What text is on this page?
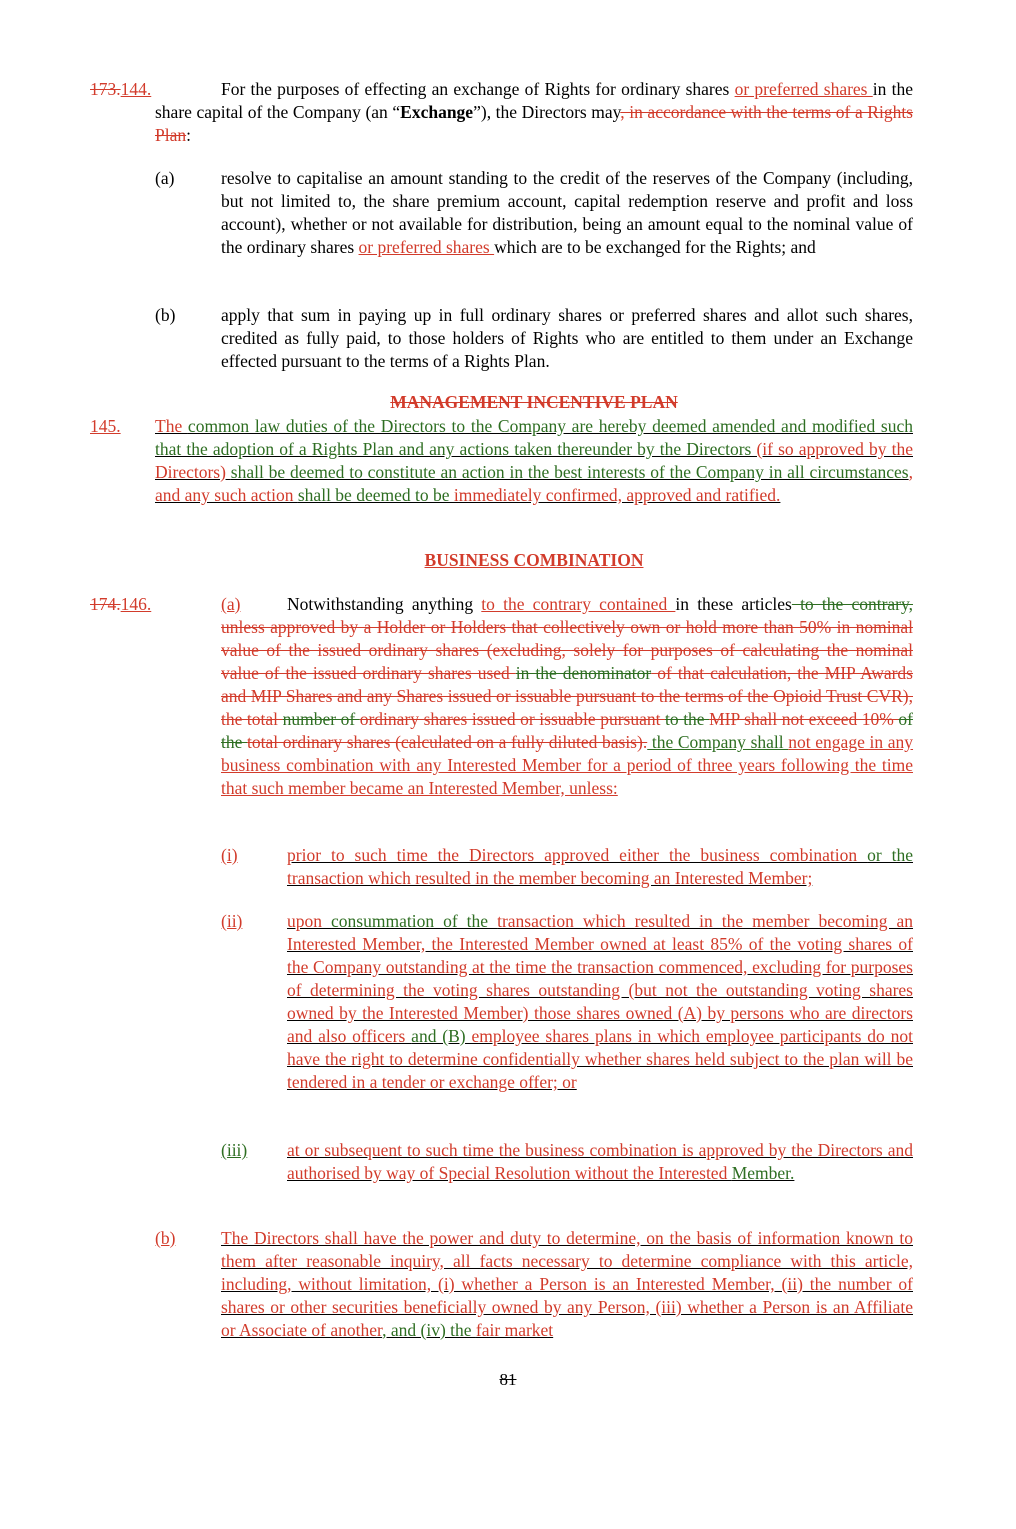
173.144.	For the purposes of effecting an exchange of Rights for ordinary shares or preferred shares in the share capital of the Company (an “Exchange”), the Directors may, in accordance with the terms of a Rights Plan:
(a)	resolve to capitalise an amount standing to the credit of the reserves of the Company (including, but not limited to, the share premium account, capital redemption reserve and profit and loss account), whether or not available for distribution, being an amount equal to the nominal value of the ordinary shares or preferred shares which are to be exchanged for the Rights; and
(b)	apply that sum in paying up in full ordinary shares or preferred shares and allot such shares, credited as fully paid, to those holders of Rights who are entitled to them under an Exchange effected pursuant to the terms of a Rights Plan.
MANAGEMENT INCENTIVE PLAN
145. The common law duties of the Directors to the Company are hereby deemed amended and modified such that the adoption of a Rights Plan and any actions taken thereunder by the Directors (if so approved by the Directors) shall be deemed to constitute an action in the best interests of the Company in all circumstances, and any such action shall be deemed to be immediately confirmed, approved and ratified.
BUSINESS COMBINATION
174.146.	(a)	Notwithstanding anything to the contrary contained in these articles to the contrary, unless approved by a Holder or Holders that collectively own or hold more than 50% in nominal value of the issued ordinary shares (excluding, solely for purposes of calculating the nominal value of the issued ordinary shares used in the denominator of that calculation, the MIP Awards and MIP Shares and any Shares issued or issuable pursuant to the terms of the Opioid Trust CVR), the total number of ordinary shares issued or issuable pursuant to the MIP shall not exceed 10% of the total ordinary shares (calculated on a fully diluted basis). the Company shall not engage in any business combination with any Interested Member for a period of three years following the time that such member became an Interested Member, unless:
(i)	prior to such time the Directors approved either the business combination or the transaction which resulted in the member becoming an Interested Member;
(ii)	upon consummation of the transaction which resulted in the member becoming an Interested Member, the Interested Member owned at least 85% of the voting shares of the Company outstanding at the time the transaction commenced, excluding for purposes of determining the voting shares outstanding (but not the outstanding voting shares owned by the Interested Member) those shares owned (A) by persons who are directors and also officers and (B) employee shares plans in which employee participants do not have the right to determine confidentially whether shares held subject to the plan will be tendered in a tender or exchange offer; or
(iii) at or subsequent to such time the business combination is approved by the Directors and authorised by way of Special Resolution without the Interested Member.
(b)	The Directors shall have the power and duty to determine, on the basis of information known to them after reasonable inquiry, all facts necessary to determine compliance with this article, including, without limitation, (i) whether a Person is an Interested Member, (ii) the number of shares or other securities beneficially owned by any Person, (iii) whether a Person is an Affiliate or Associate of another, and (iv) the fair market
81
